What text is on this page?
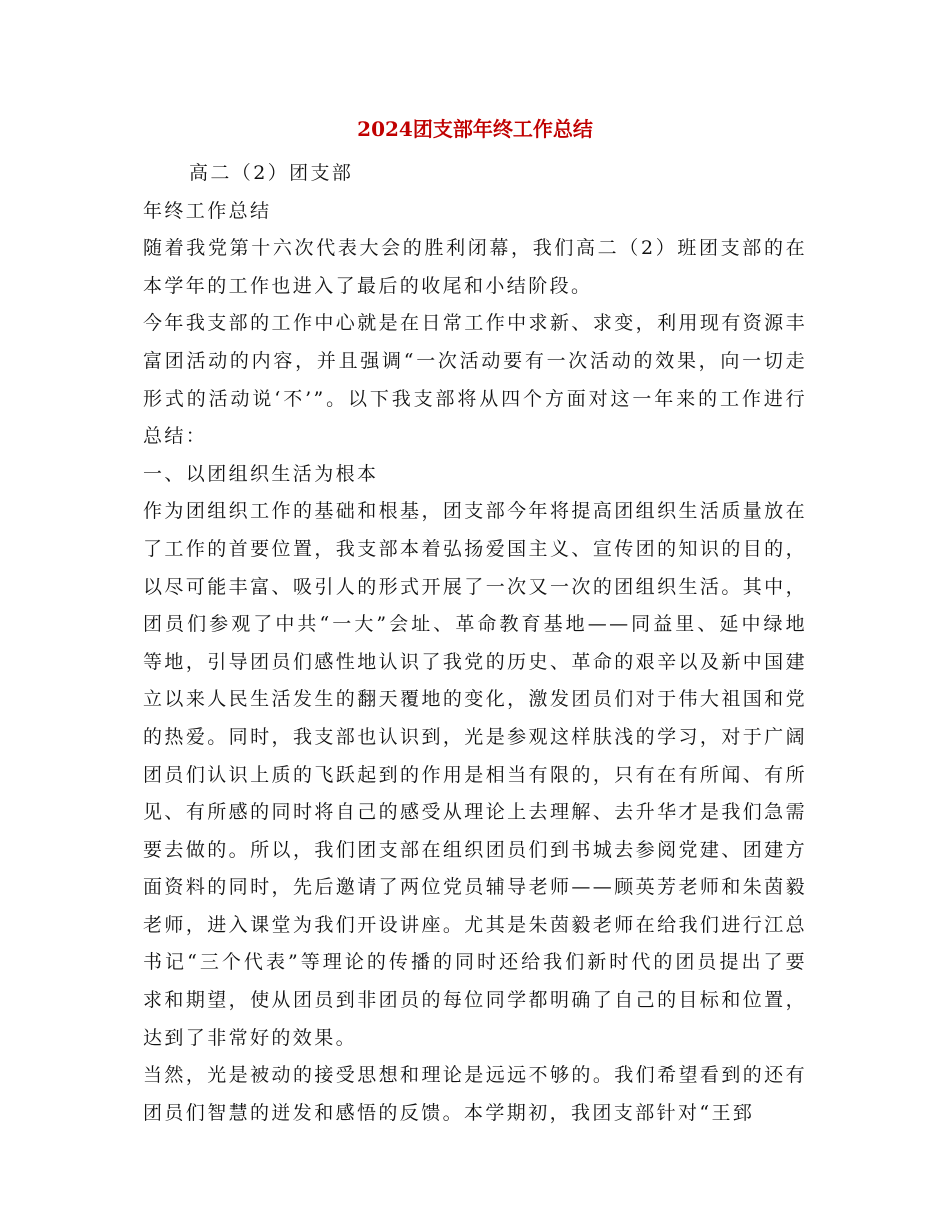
2024团支部年终工作总结

高二（2）团支部

年终工作总结

随着我党第十六次代表大会的胜利闭幕，我们高二（2）班团支部的在本学年的工作也进入了最后的收尾和小结阶段。

今年我支部的工作中心就是在日常工作中求新、求变，利用现有资源丰富团活动的内容，并且强调“一次活动要有一次活动的效果，向一切走形式的活动说‘不’”。以下我支部将从四个方面对这一年来的工作进行总结：

一、以团组织生活为根本

作为团组织工作的基础和根基，团支部今年将提高团组织生活质量放在了工作的首要位置，我支部本着弘扬爱国主义、宣传团的知识的目的，以尽可能丰富、吸引人的形式开展了一次又一次的团组织生活。其中，团员们参观了中共“一大”会址、革命教育基地——同益里、延中绿地等地，引导团员们感性地认识了我党的历史、革命的艰辛以及新中国建立以来人民生活发生的翻天覆地的变化，激发团员们对于伟大祖国和党的热爱。同时，我支部也认识到，光是参观这样肤浅的学习，对于广阔团员们认识上质的飞跃起到的作用是相当有限的，只有在有所闻、有所见、有所感的同时将自己的感受从理论上去理解、去升华才是我们急需要去做的。所以，我们团支部在组织团员们到书城去参阅党建、团建方面资料的同时，先后邀请了两位党员辅导老师——顾英芳老师和朱茵毅老师，进入课堂为我们开设讲座。尤其是朱茵毅老师在给我们进行江总书记“三个代表”等理论的传播的同时还给我们新时代的团员提出了要求和期望，使从团员到非团员的每位同学都明确了自己的目标和位置，达到了非常好的效果。

当然，光是被动的接受思想和理论是远远不够的。我们希望看到的还有团员们智慧的迸发和感悟的反馈。本学期初，我团支部针对“王郅
